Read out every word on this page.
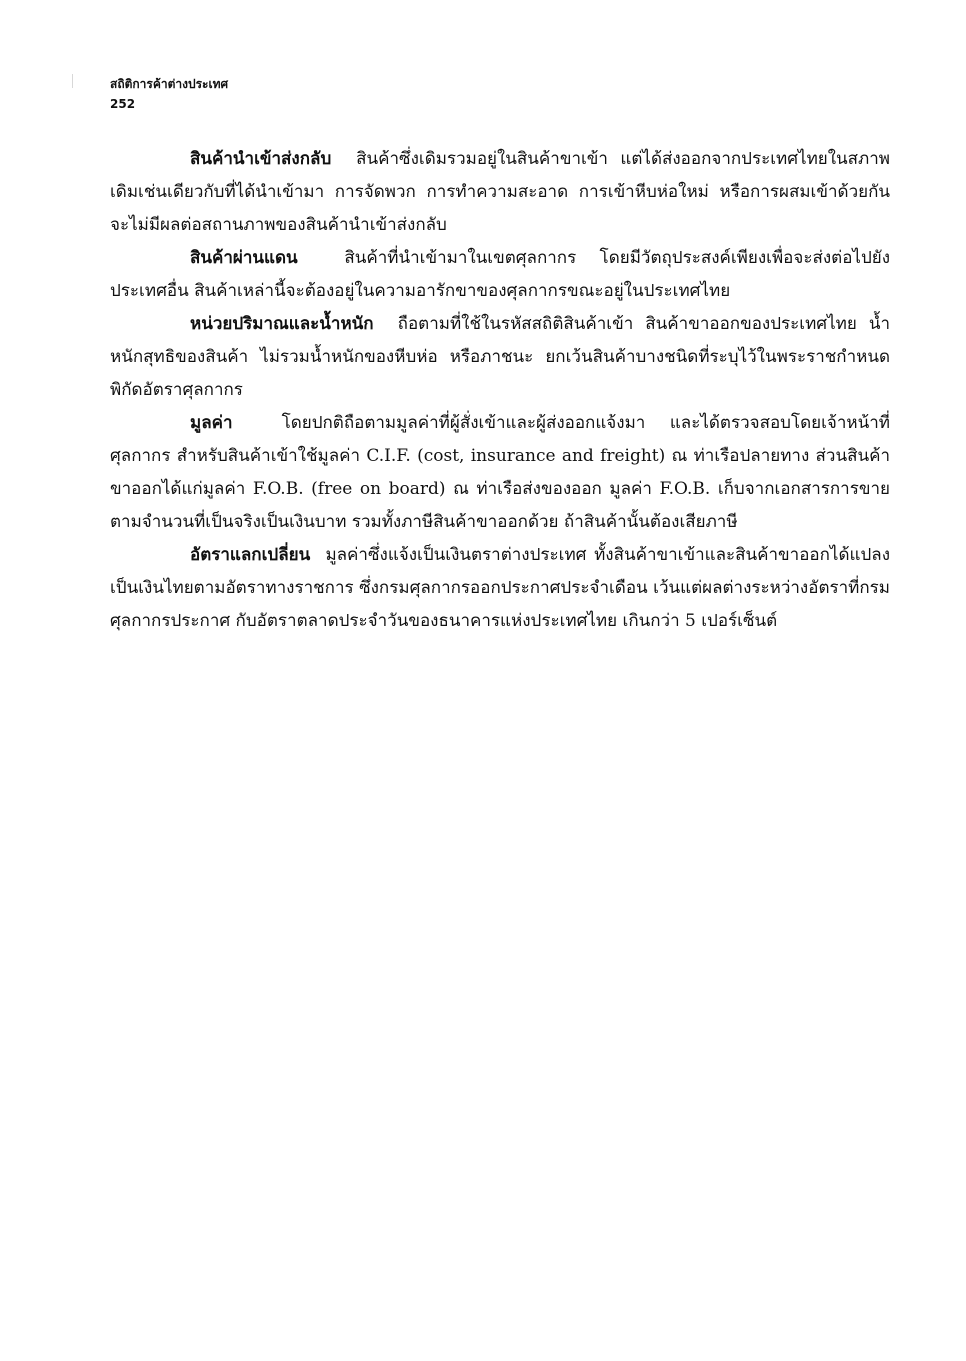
สถิติการค้าต่างประเทศ
252

สินค้านำเข้าส่งกลับ สินค้าซึ่งเดิมรวมอยู่ในสินค้าขาเข้า แต่ได้ส่งออกจากประเทศไทยในสภาพเดิมเช่นเดียวกับที่ได้นำเข้ามา การจัดพวก การทำความสะอาด การเข้าหีบห่อใหม่ หรือการผสมเข้าด้วยกัน จะไม่มีผลต่อสถานภาพของสินค้านำเข้าส่งกลับ

สินค้าผ่านแดน	สินค้าที่นำเข้ามาในเขตศุลกากร โดยมีวัตถุประสงค์เพียงเพื่อจะส่งต่อไปยังประเทศอื่น สินค้าเหล่านี้จะต้องอยู่ในความอารักขาของศุลกากรขณะอยู่ในประเทศไทย

หน่วยปริมาณและน้ำหนัก ถือตามที่ใช้ในรหัสสถิติสินค้าเข้า สินค้าขาออกของประเทศไทย น้ำหนักสุทธิของสินค้า ไม่รวมน้ำหนักของหีบห่อ หรือภาชนะ ยกเว้นสินค้าบางชนิดที่ระบุไว้ในพระราชกำหนดพิกัดอัตราศุลกากร

มูลค่า	โดยปกติถือตามมูลค่าที่ผู้สั่งเข้าและผู้ส่งออกแจ้งมา และได้ตรวจสอบโดยเจ้าหน้าที่ศุลกากร สำหรับสินค้าเข้าใช้มูลค่า C.I.F. (cost, insurance and freight) ณ ท่าเรือปลายทาง ส่วนสินค้าขาออกได้แก่มูลค่า F.O.B. (free on board) ณ ท่าเรือส่งของออก มูลค่า F.O.B. เก็บจากเอกสารการขายตามจำนวนที่เป็นจริงเป็นเงินบาท รวมทั้งภาษีสินค้าขาออกด้วย ถ้าสินค้านั้นต้องเสียภาษี

อัตราแลกเปลี่ยน มูลค่าซึ่งแจ้งเป็นเงินตราต่างประเทศ ทั้งสินค้าขาเข้าและสินค้าขาออกได้แปลงเป็นเงินไทยตามอัตราทางราชการ ซึ่งกรมศุลกากรออกประกาศประจำเดือน เว้นแต่ผลต่างระหว่างอัตราที่กรมศุลกากรประกาศ กับอัตราตลาดประจำวันของธนาคารแห่งประเทศไทย เกินกว่า 5 เปอร์เซ็นต์
